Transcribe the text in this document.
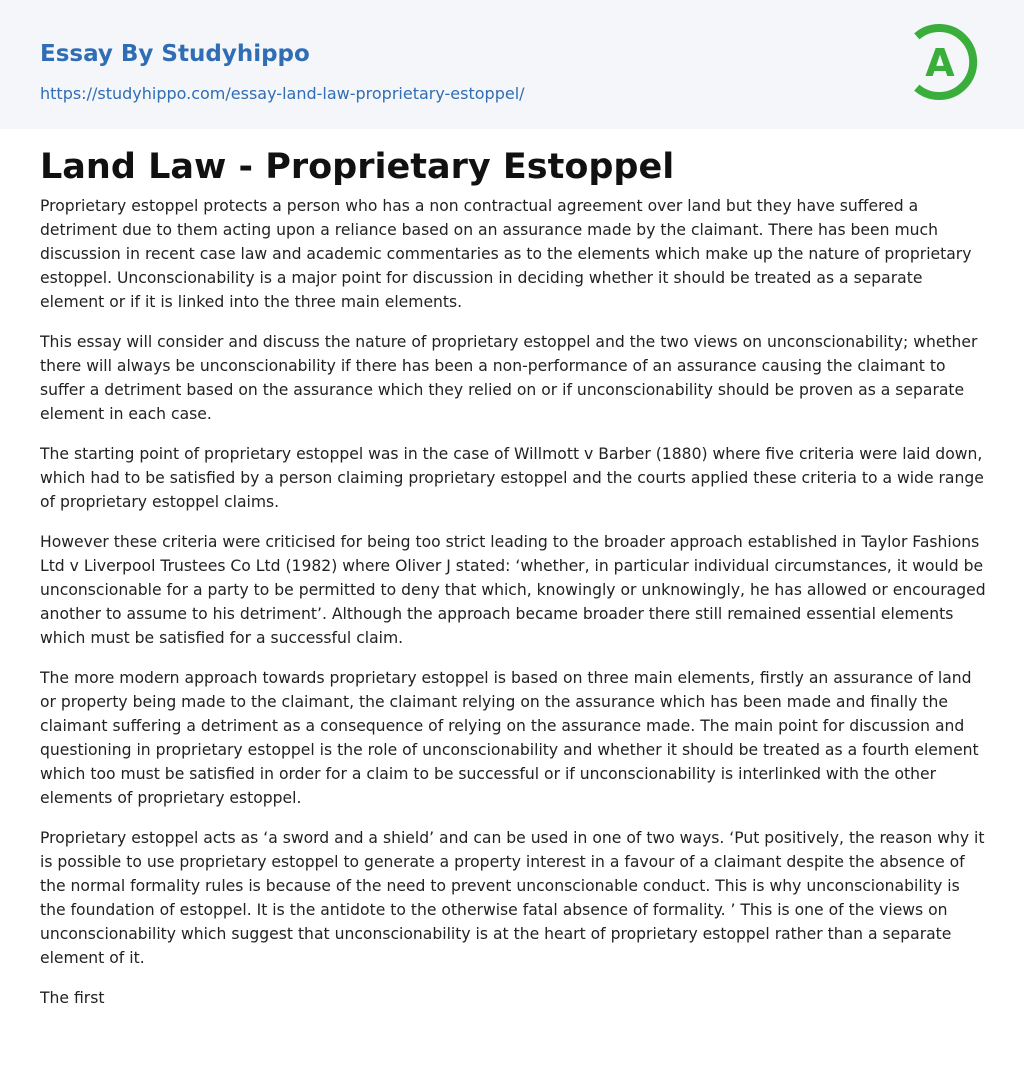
Essay By Studyhippo
https://studyhippo.com/essay-land-law-proprietary-estoppel/
A
Land Law - Proprietary Estoppel

Proprietary estoppel protects a person who has a non contractual agreement over land but they have suffered a detriment due to them acting upon a reliance based on an assurance made by the claimant. There has been much discussion in recent case law and academic commentaries as to the elements which make up the nature of proprietary estoppel. Unconscionability is a major point for discussion in deciding whether it should be treated as a separate element or if it is linked into the three main elements.

This essay will consider and discuss the nature of proprietary estoppel and the two views on unconscionability; whether there will always be unconscionability if there has been a non-performance of an assurance causing the claimant to suffer a detriment based on the assurance which they relied on or if unconscionability should be proven as a separate element in each case.

The starting point of proprietary estoppel was in the case of Willmott v Barber (1880) where five criteria were laid down, which had to be satisfied by a person claiming proprietary estoppel and the courts applied these criteria to a wide range of proprietary estoppel claims.

However these criteria were criticised for being too strict leading to the broader approach established in Taylor Fashions Ltd v Liverpool Trustees Co Ltd (1982) where Oliver J stated: ‘whether, in particular individual circumstances, it would be unconscionable for a party to be permitted to deny that which, knowingly or unknowingly, he has allowed or encouraged another to assume to his detriment’. Although the approach became broader there still remained essential elements which must be satisfied for a successful claim.

The more modern approach towards proprietary estoppel is based on three main elements, firstly an assurance of land or property being made to the claimant, the claimant relying on the assurance which has been made and finally the claimant suffering a detriment as a consequence of relying on the assurance made. The main point for discussion and questioning in proprietary estoppel is the role of unconscionability and whether it should be treated as a fourth element which too must be satisfied in order for a claim to be successful or if unconscionability is interlinked with the other elements of proprietary estoppel.

Proprietary estoppel acts as ‘a sword and a shield’ and can be used in one of two ways. ‘Put positively, the reason why it is possible to use proprietary estoppel to generate a property interest in a favour of a claimant despite the absence of the normal formality rules is because of the need to prevent unconscionable conduct. This is why unconscionability is the foundation of estoppel. It is the antidote to the otherwise fatal absence of formality. ’ This is one of the views on unconscionability which suggest that unconscionability is at the heart of proprietary estoppel rather than a separate element of it.

The first
